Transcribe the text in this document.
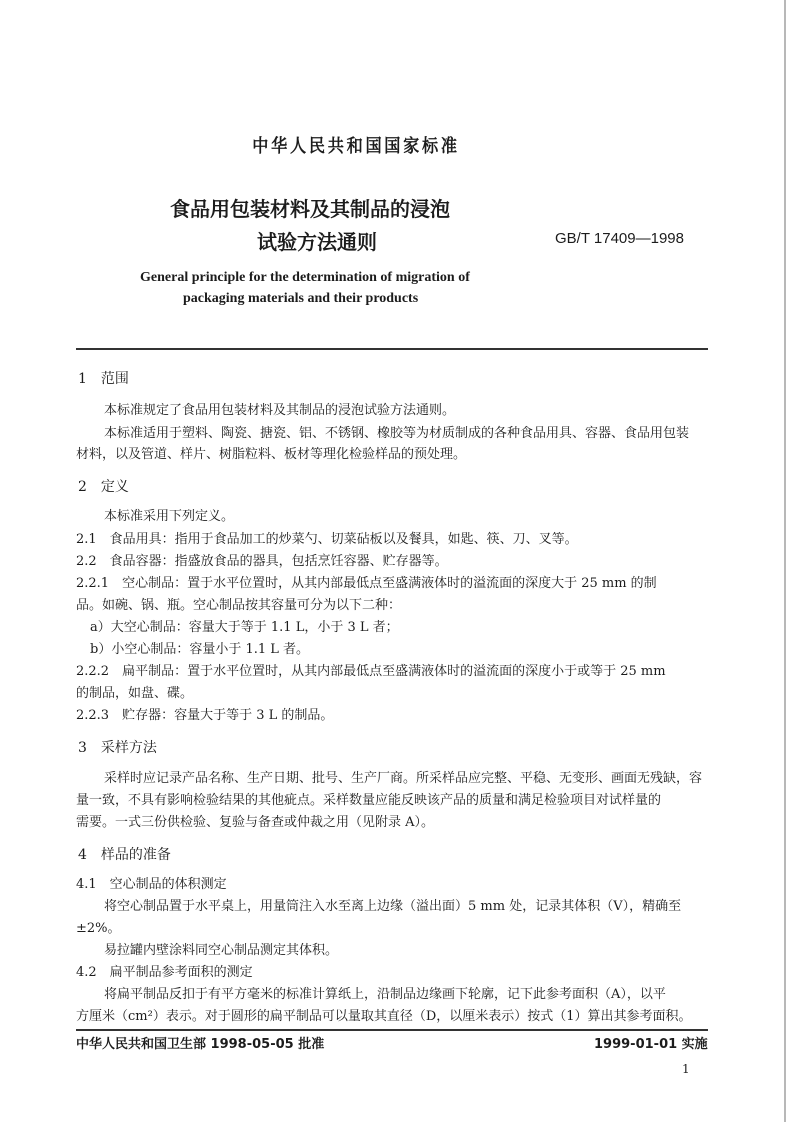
中华人民共和国国家标准
食品用包装材料及其制品的浸泡
试验方法通则	GB/T 17409—1998
General principle for the determination of migration of
packaging materials and their products
1　范围
本标准规定了食品用包装材料及其制品的浸泡试验方法通则。
本标准适用于塑料、陶瓷、搪瓷、铝、不锈钢、橡胶等为材质制成的各种食品用具、容器、食品用包装
材料，以及管道、样片、树脂粒料、板材等理化检验样品的预处理。
2　定义
本标准采用下列定义。
2.1　食品用具：指用于食品加工的炒菜勺、切菜砧板以及餐具，如匙、筷、刀、叉等。
2.2　食品容器：指盛放食品的器具，包括烹饪容器、贮存器等。
2.2.1　空心制品：置于水平位置时，从其内部最低点至盛满液体时的溢流面的深度大于 25 mm 的制
品。如碗、锅、瓶。空心制品按其容量可分为以下二种：
a）大空心制品：容量大于等于 1.1 L，小于 3 L 者；
b）小空心制品：容量小于 1.1 L 者。
2.2.2　扁平制品：置于水平位置时，从其内部最低点至盛满液体时的溢流面的深度小于或等于 25 mm
的制品，如盘、碟。
2.2.3　贮存器：容量大于等于 3 L 的制品。
3　采样方法
采样时应记录产品名称、生产日期、批号、生产厂商。所采样品应完整、平稳、无变形、画面无残缺，容
量一致，不具有影响检验结果的其他疵点。采样数量应能反映该产品的质量和满足检验项目对试样量的
需要。一式三份供检验、复验与备查或仲裁之用（见附录 A）。
4　样品的准备
4.1　空心制品的体积测定
将空心制品置于水平桌上，用量筒注入水至离上边缘（溢出面）5 mm 处，记录其体积（V），精确至
±2%。
易拉罐内壁涂料同空心制品测定其体积。
4.2　扁平制品参考面积的测定
将扁平制品反扣于有平方毫米的标准计算纸上，沿制品边缘画下轮廓，记下此参考面积（A），以平
方厘米（cm²）表示。对于圆形的扁平制品可以量取其直径（D，以厘米表示）按式（1）算出其参考面积。
中华人民共和国卫生部 1998-05-05 批准	1999-01-01 实施
1
